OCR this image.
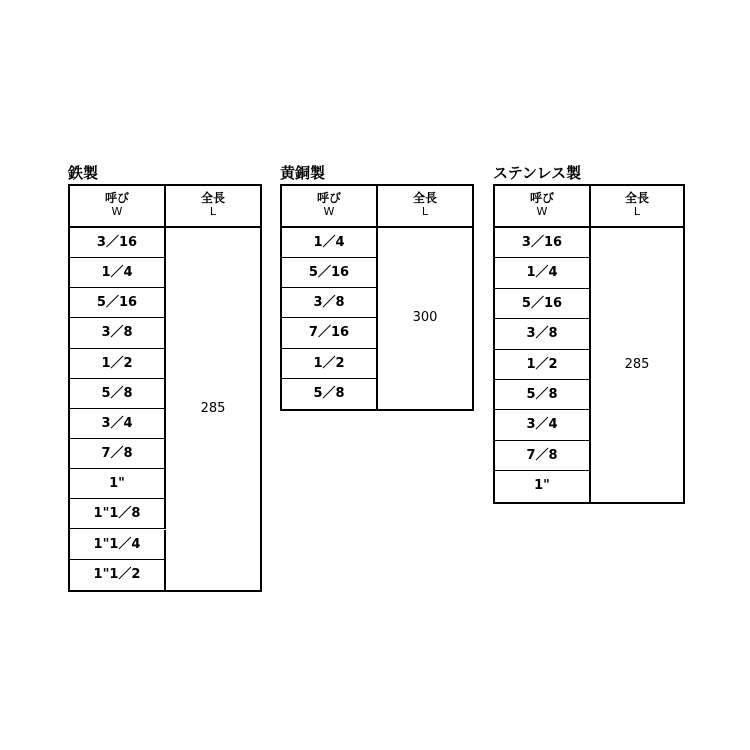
鉄製
呼び
W
全長
L
3／16
1／4
5／16
3／8
1／2
5／8
3／4
7／8
1"
1"1／8
1"1／4
1"1／2
285
黄銅製
呼び
W
全長
L
1／4
5／16
3／8
7／16
1／2
5／8
300
ステンレス製
呼び
W
全長
L
3／16
1／4
5／16
3／8
1／2
5／8
3／4
7／8
1"
285
